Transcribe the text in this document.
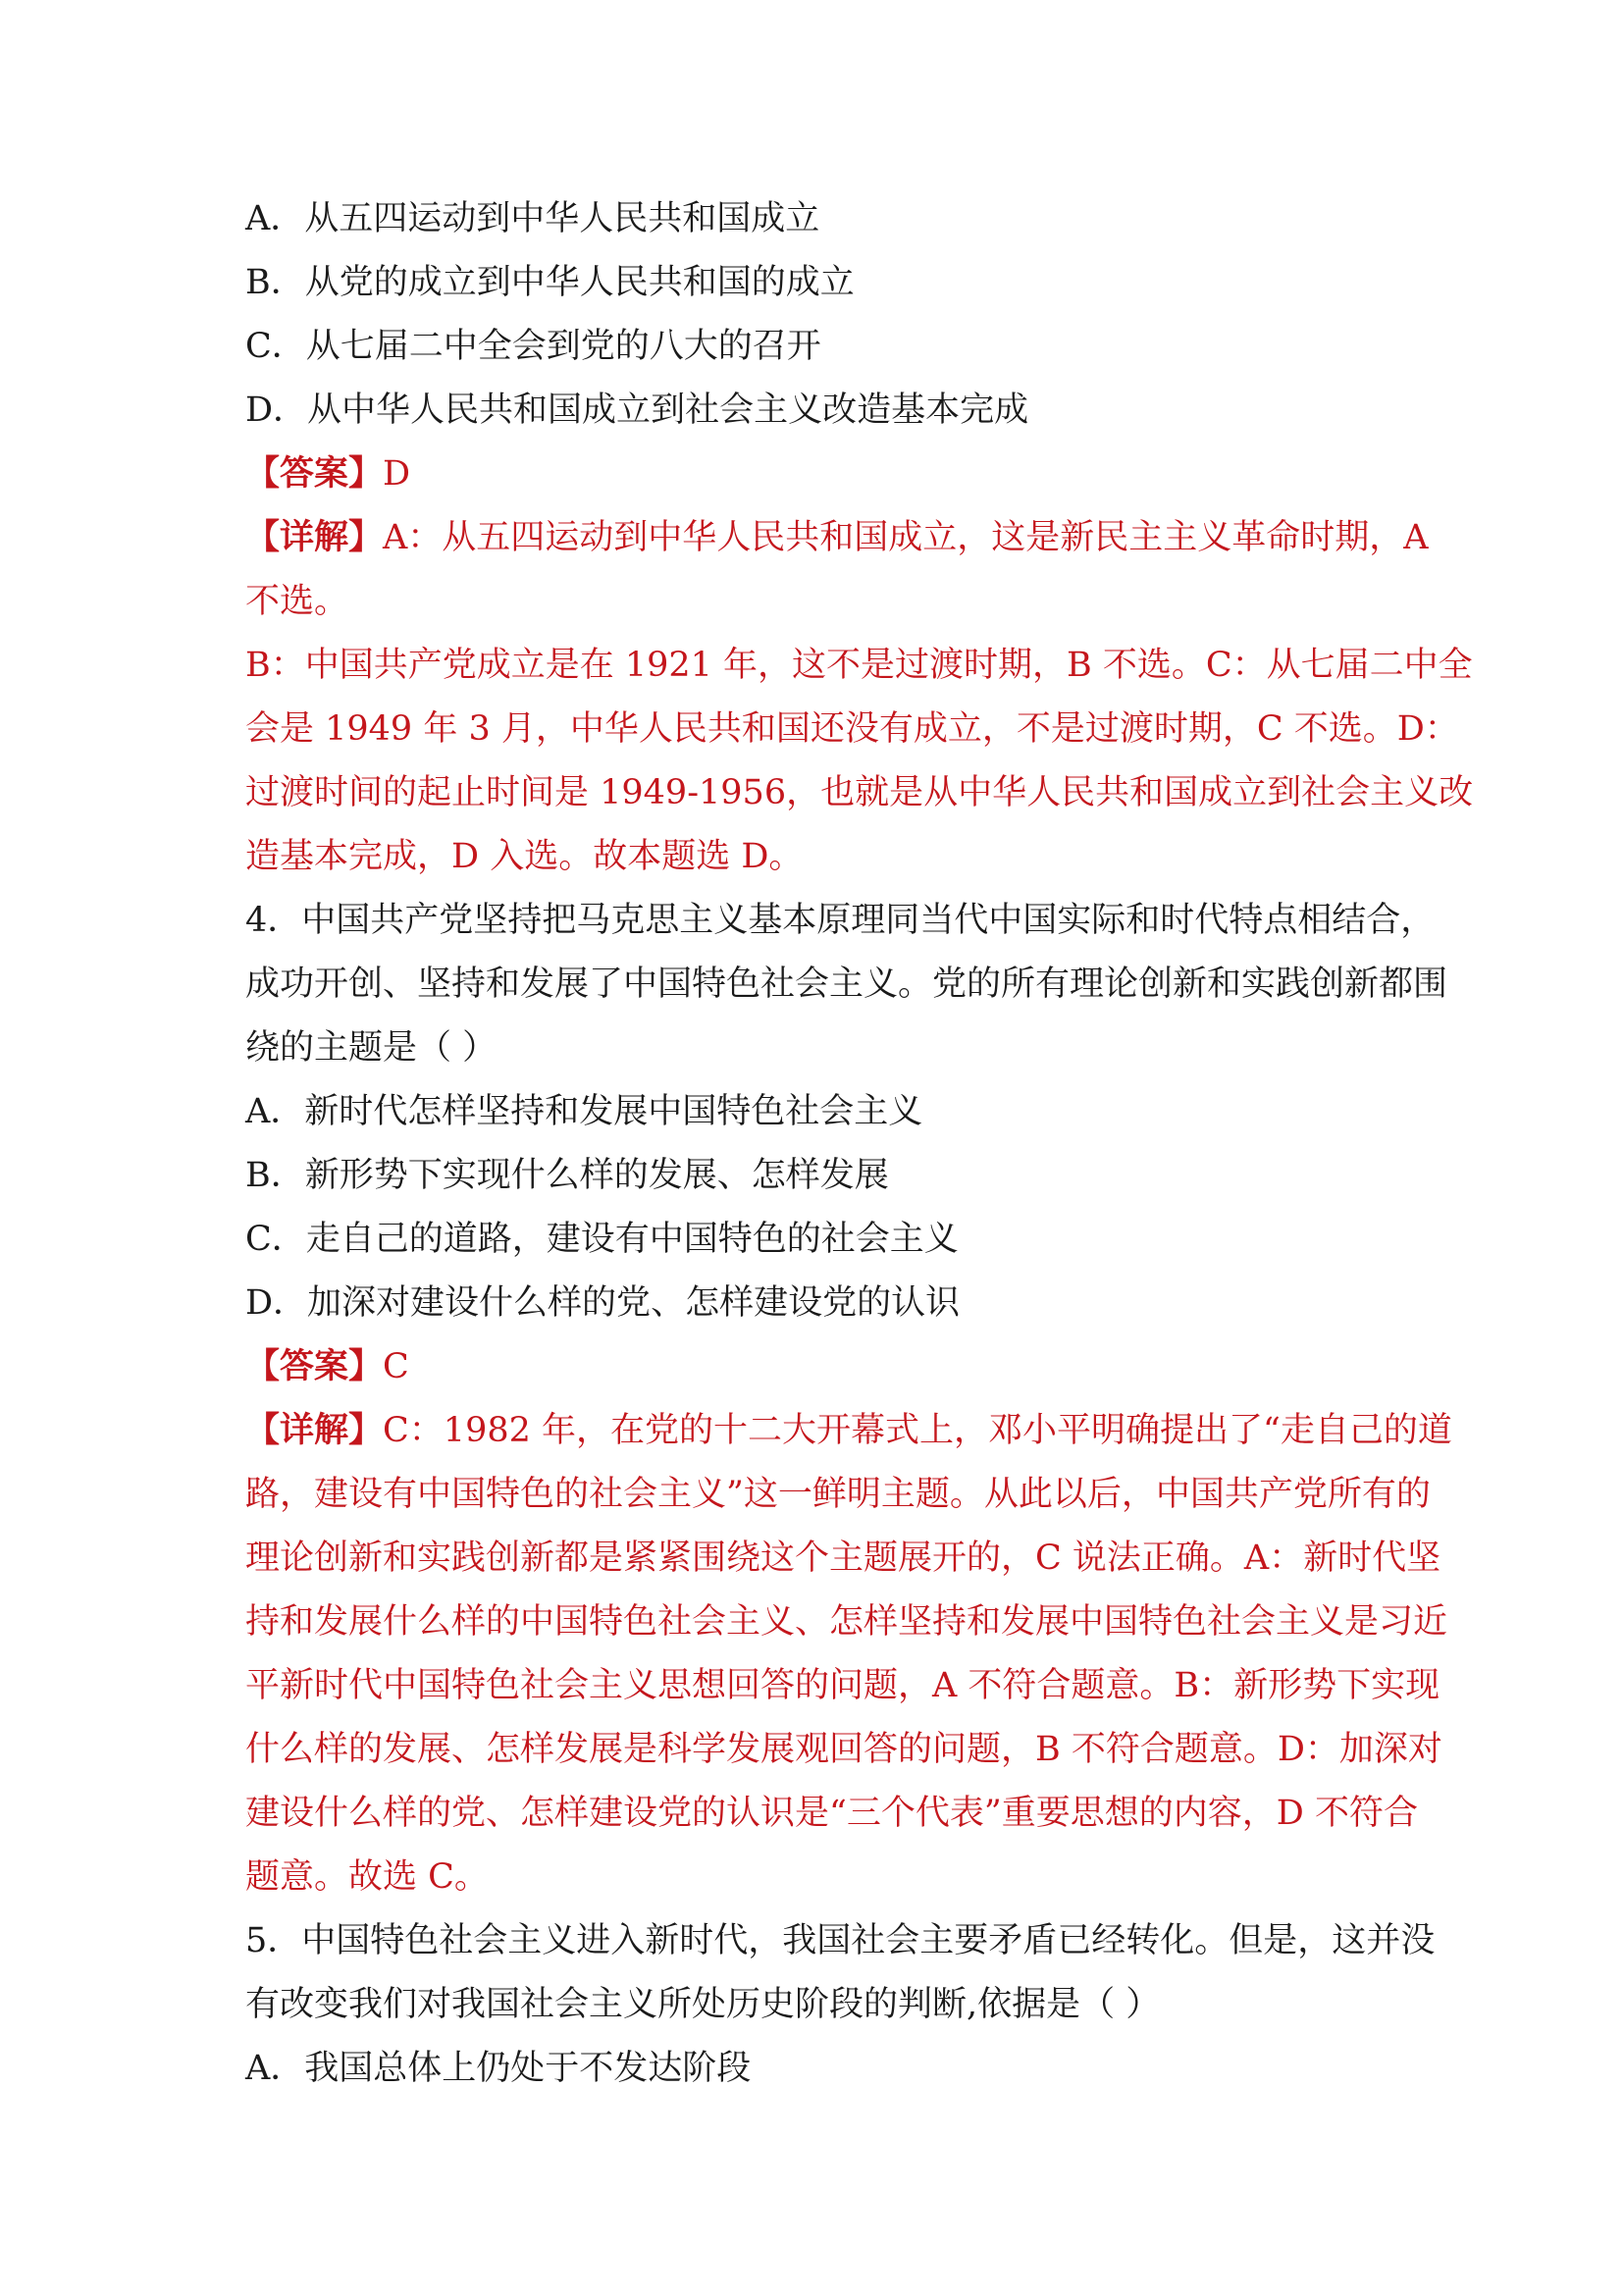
A．从五四运动到中华人民共和国成立
B．从党的成立到中华人民共和国的成立
C．从七届二中全会到党的八大的召开
D．从中华人民共和国成立到社会主义改造基本完成
【答案】D
【详解】A：从五四运动到中华人民共和国成立，这是新民主主义革命时期，A
不选。
B：中国共产党成立是在 1921 年，这不是过渡时期，B 不选。C：从七届二中全
会是 1949 年 3 月，中华人民共和国还没有成立，不是过渡时期，C 不选。D：
过渡时间的起止时间是 1949-1956，也就是从中华人民共和国成立到社会主义改
造基本完成，D 入选。故本题选 D。
4．中国共产党坚持把马克思主义基本原理同当代中国实际和时代特点相结合，
成功开创、坚持和发展了中国特色社会主义。党的所有理论创新和实践创新都围
绕的主题是（ ）
A．新时代怎样坚持和发展中国特色社会主义
B．新形势下实现什么样的发展、怎样发展
C．走自己的道路，建设有中国特色的社会主义
D．加深对建设什么样的党、怎样建设党的认识
【答案】C
【详解】C：1982 年，在党的十二大开幕式上，邓小平明确提出了“走自己的道
路，建设有中国特色的社会主义”这一鲜明主题。从此以后，中国共产党所有的
理论创新和实践创新都是紧紧围绕这个主题展开的，C 说法正确。A：新时代坚
持和发展什么样的中国特色社会主义、怎样坚持和发展中国特色社会主义是习近
平新时代中国特色社会主义思想回答的问题，A 不符合题意。B：新形势下实现
什么样的发展、怎样发展是科学发展观回答的问题，B 不符合题意。D：加深对
建设什么样的党、怎样建设党的认识是“三个代表”重要思想的内容，D 不符合
题意。故选 C。
5．中国特色社会主义进入新时代，我国社会主要矛盾已经转化。但是，这并没
有改变我们对我国社会主义所处历史阶段的判断,依据是（ ）
A．我国总体上仍处于不发达阶段
